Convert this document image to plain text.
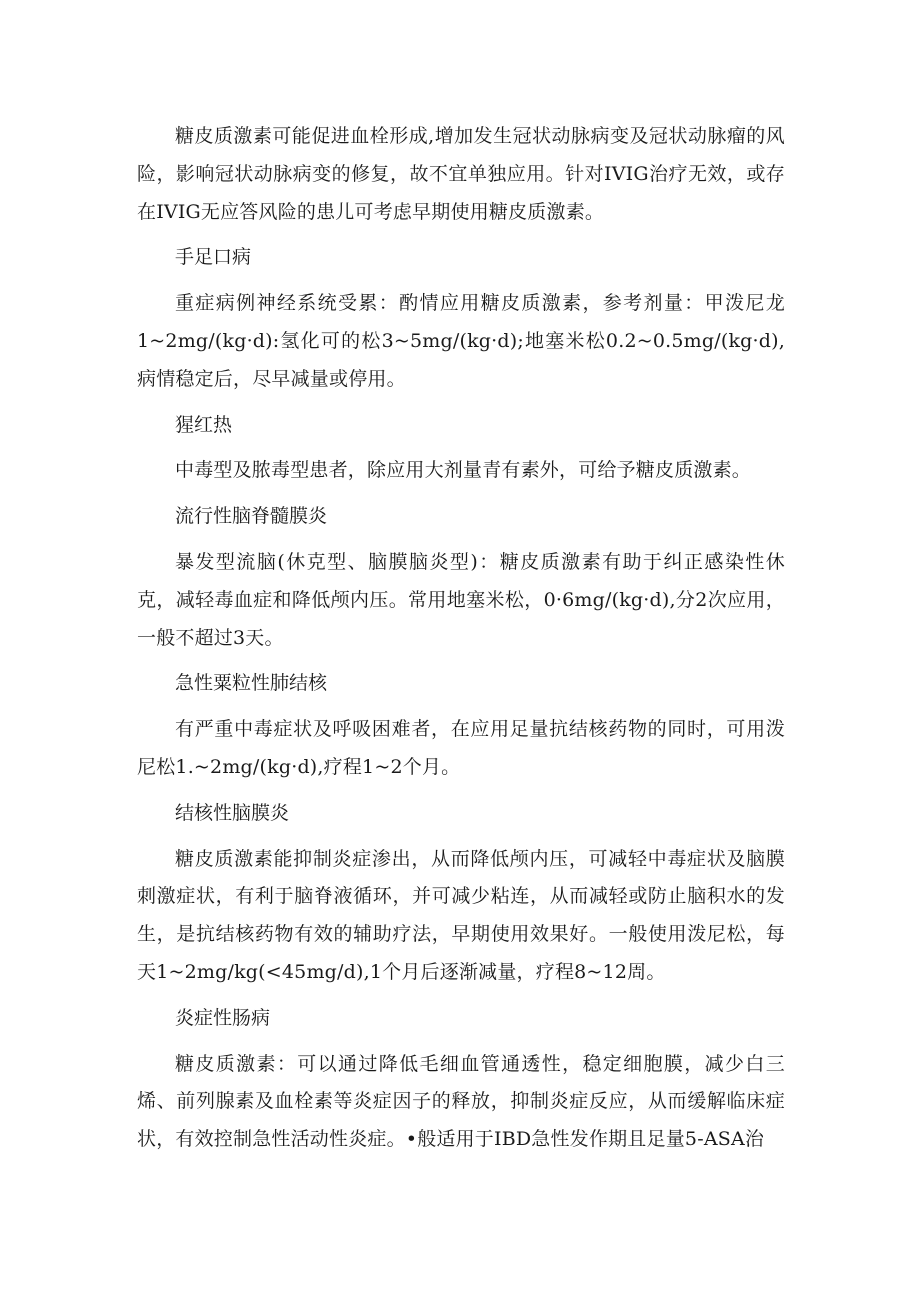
糖皮质激素可能促进血栓形成,增加发生冠状动脉病变及冠状动脉瘤的风险，影响冠状动脉病变的修复，故不宜单独应用。针对IVIG治疗无效，或存在IVIG无应答风险的患儿可考虑早期使用糖皮质激素。

手足口病

重症病例神经系统受累：酌情应用糖皮质激素，参考剂量：甲泼尼龙1~2mg∕(kg·d):氢化可的松3~5mg∕(kg·d);地塞米松0.2~0.5mg∕(kg·d),病情稳定后，尽早减量或停用。

猩红热

中毒型及脓毒型患者，除应用大剂量青有素外，可给予糖皮质激素。

流行性脑脊髓膜炎

暴发型流脑(休克型、脑膜脑炎型)：糖皮质激素有助于纠正感染性休克，减轻毒血症和降低颅内压。常用地塞米松，0·6mg∕(kg·d),分2次应用，一般不超过3天。

急性粟粒性肺结核

有严重中毒症状及呼吸困难者，在应用足量抗结核药物的同时，可用泼尼松1.~2mg∕(kg·d),疗程1~2个月。

结核性脑膜炎

糖皮质激素能抑制炎症渗出，从而降低颅内压，可减轻中毒症状及脑膜刺激症状，有利于脑脊液循环，并可减少粘连，从而减轻或防止脑积水的发生，是抗结核药物有效的辅助疗法，早期使用效果好。一般使用泼尼松，每天1~2mg/kg(<45mg∕d),1个月后逐渐减量，疗程8~12周。

炎症性肠病

糖皮质激素：可以通过降低毛细血管通透性，稳定细胞膜，减少白三烯、前列腺素及血栓素等炎症因子的释放，抑制炎症反应，从而缓解临床症状，有效控制急性活动性炎症。•般适用于IBD急性发作期且足量5-ASA治
